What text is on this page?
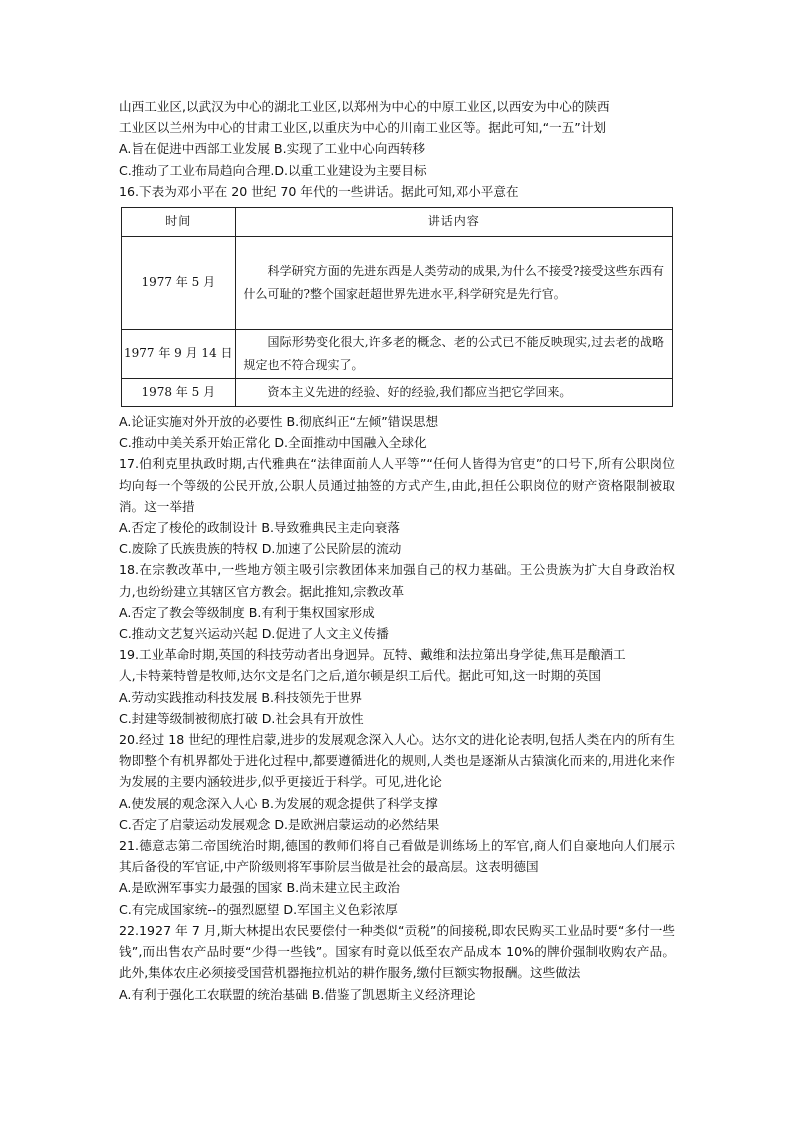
山西工业区,以武汉为中心的湖北工业区,以郑州为中心的中原工业区,以西安为中心的陕西

工业区以兰州为中心的甘肃工业区,以重庆为中心的川南工业区等。据此可知,“一五”计划

A.旨在促进中西部工业发展 B.实现了工业中心向西转移

C.推动了工业布局趋向合理.D.以重工业建设为主要目标

16.下表为邓小平在 20 世纪 70 年代的一些讲话。据此可知,邓小平意在

时间	讲话内容
1977 年 5 月	科学研究方面的先进东西是人类劳动的成果,为什么不接受?接受这些东西有什么可耻的?整个国家赶超世界先进水平,科学研究是先行官。
1977 年 9 月 14 日	国际形势变化很大,许多老的概念、老的公式已不能反映现实,过去老的战略规定也不符合现实了。
1978 年 5 月	资本主义先进的经验、好的经验,我们都应当把它学回来。

A.论证实施对外开放的必要性 B.彻底纠正“左倾”错误思想

C.推动中美关系开始正常化 D.全面推动中国融入全球化

17.伯利克里执政时期,古代雅典在“法律面前人人平等”“任何人皆得为官吏”的口号下,所有公职岗位均向每一个等级的公民开放,公职人员通过抽签的方式产生,由此,担任公职岗位的财产资格限制被取消。这一举措

A.否定了梭伦的政制设计 B.导致雅典民主走向衰落

C.废除了氏族贵族的特权 D.加速了公民阶层的流动

18.在宗教改革中,一些地方领主吸引宗教团体来加强自己的权力基础。王公贵族为扩大自身政治权力,也纷纷建立其辖区官方教会。据此推知,宗教改革

A.否定了教会等级制度 B.有利于集权国家形成

C.推动文艺复兴运动兴起 D.促进了人文主义传播

19.工业革命时期,英国的科技劳动者出身迥异。瓦特、戴维和法拉第出身学徒,焦耳是酿酒工

人,卡特莱特曾是牧师,达尔文是名门之后,道尔顿是织工后代。据此可知,这一时期的英国

A.劳动实践推动科技发展 B.科技领先于世界

C.封建等级制被彻底打破 D.社会具有开放性

20.经过 18 世纪的理性启蒙,进步的发展观念深入人心。达尔文的进化论表明,包括人类在内的所有生物即整个有机界都处于进化过程中,都要遵循进化的规则,人类也是逐渐从古猿演化而来的,用进化来作为发展的主要内涵较进步,似乎更接近于科学。可见,进化论

A.使发展的观念深入人心 B.为发展的观念提供了科学支撑

C.否定了启蒙运动发展观念 D.是欧洲启蒙运动的必然结果

21.德意志第二帝国统治时期,德国的教师们将自己看做是训练场上的军官,商人们自豪地向人们展示其后备役的军官证,中产阶级则将军事阶层当做是社会的最高层。这表明德国

A.是欧洲军事实力最强的国家 B.尚未建立民主政治

C.有完成国家统--的强烈愿望 D.军国主义色彩浓厚

22.1927 年 7 月,斯大林提出农民要偿付一种类似“贡税”的间接税,即农民购买工业品时要“多付一些钱”,而出售农产品时要“少得一些钱”。国家有时竟以低至农产品成本 10%的牌价强制收购农产品。此外,集体农庄必须接受国营机器拖拉机站的耕作服务,缴付巨额实物报酬。这些做法

A.有利于强化工农联盟的统治基础 B.借鉴了凯恩斯主义经济理论
